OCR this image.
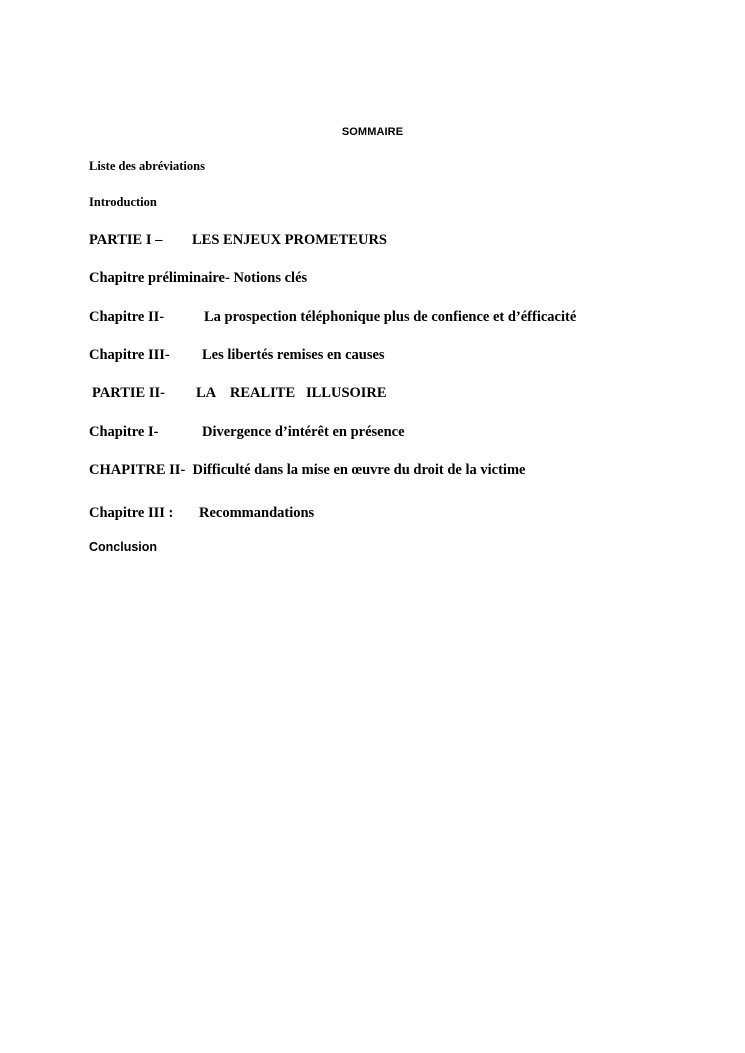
SOMMAIRE
Liste des abréviations
Introduction
PARTIE I – LES ENJEUX PROMETEURS
Chapitre préliminaire- Notions clés
Chapitre II-	La prospection téléphonique plus de confience et d’éfficacité
Chapitre III- Les libertés remises en causes
PARTIE II- LA    REALITE   ILLUSOIRE
Chapitre I-	Divergence d’intérêt en présence
CHAPITRE II-  Difficulté dans la mise en œuvre du droit de la victime
Chapitre III : Recommandations
Conclusion
